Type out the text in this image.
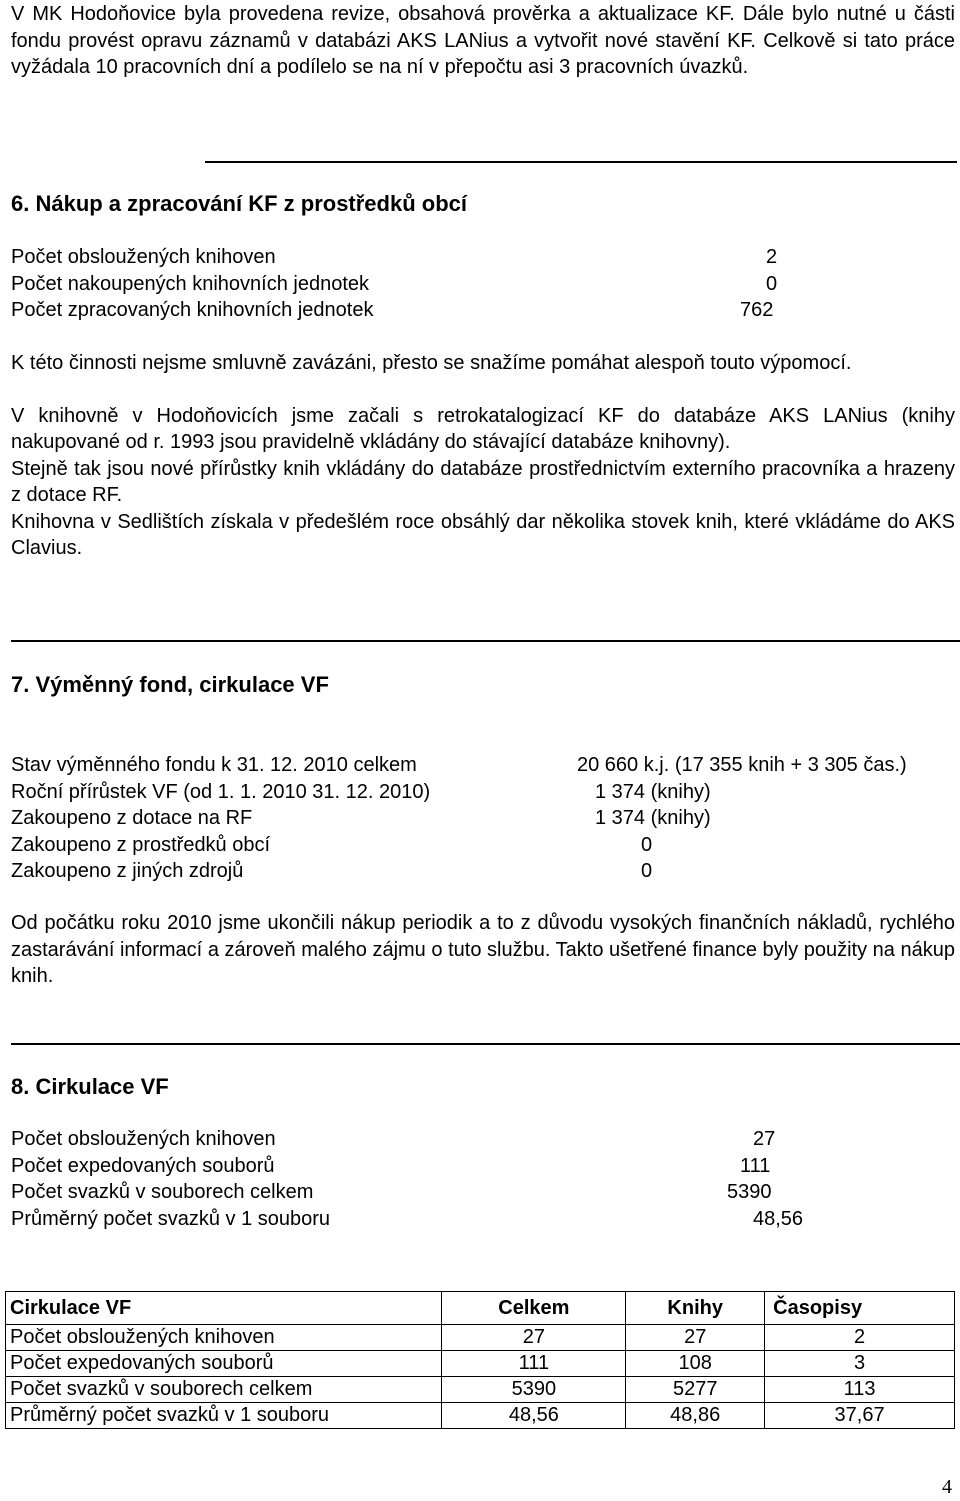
V MK Hodoňovice byla provedena revize, obsahová prověrka a aktualizace KF. Dále bylo nutné u části fondu provést opravu záznamů v databázi AKS LANius a vytvořit nové stavění KF. Celkově si tato práce vyžádala 10 pracovních dní a podílelo se na ní v přepočtu asi 3 pracovních úvazků.

6. Nákup a zpracování KF z prostředků obcí
Počet obsloužených knihoven	2
Počet nakoupených knihovních jednotek	0
Počet zpracovaných knihovních jednotek	762

K této činnosti nejsme smluvně zavázáni, přesto se snažíme pomáhat alespoň touto výpomocí.

V knihovně v Hodoňovicích jsme začali s retrokatalogizací KF do databáze AKS LANius (knihy nakupované od r. 1993 jsou pravidelně vkládány do stávající databáze knihovny).

Stejně tak jsou nové přírůstky knih vkládány do databáze prostřednictvím externího pracovníka a hrazeny z dotace RF.

Knihovna v Sedlištích získala v předešlém roce obsáhlý dar několika stovek knih, které vkládáme do AKS Clavius.

7. Výměnný fond, cirkulace VF
Stav výměnného fondu k 31. 12. 2010 celkem	20 660 k.j. (17 355 knih + 3 305 čas.)
Roční přírůstek VF (od 1. 1. 2010 31. 12. 2010)	1 374 (knihy)
Zakoupeno z dotace na RF	1 374 (knihy)
Zakoupeno z prostředků obcí	0
Zakoupeno z jiných zdrojů	0

Od počátku roku 2010 jsme ukončili nákup periodik a to z důvodu vysokých finančních nákladů, rychlého zastarávání informací a zároveň malého zájmu o tuto službu. Takto ušetřené finance byly použity na nákup knih.

8. Cirkulace VF
Počet obsloužených knihoven	27
Počet expedovaných souborů	111
Počet svazků v souborech celkem	5390
Průměrný počet svazků v 1 souboru	48,56
Cirkulace VF	Celkem	Knihy	Časopisy
Počet obsloužených knihoven	27	27	2
Počet expedovaných souborů	111	108	3
Počet svazků v souborech celkem	5390	5277	113
Průměrný počet svazků v 1 souboru	48,56	48,86	37,67
4
